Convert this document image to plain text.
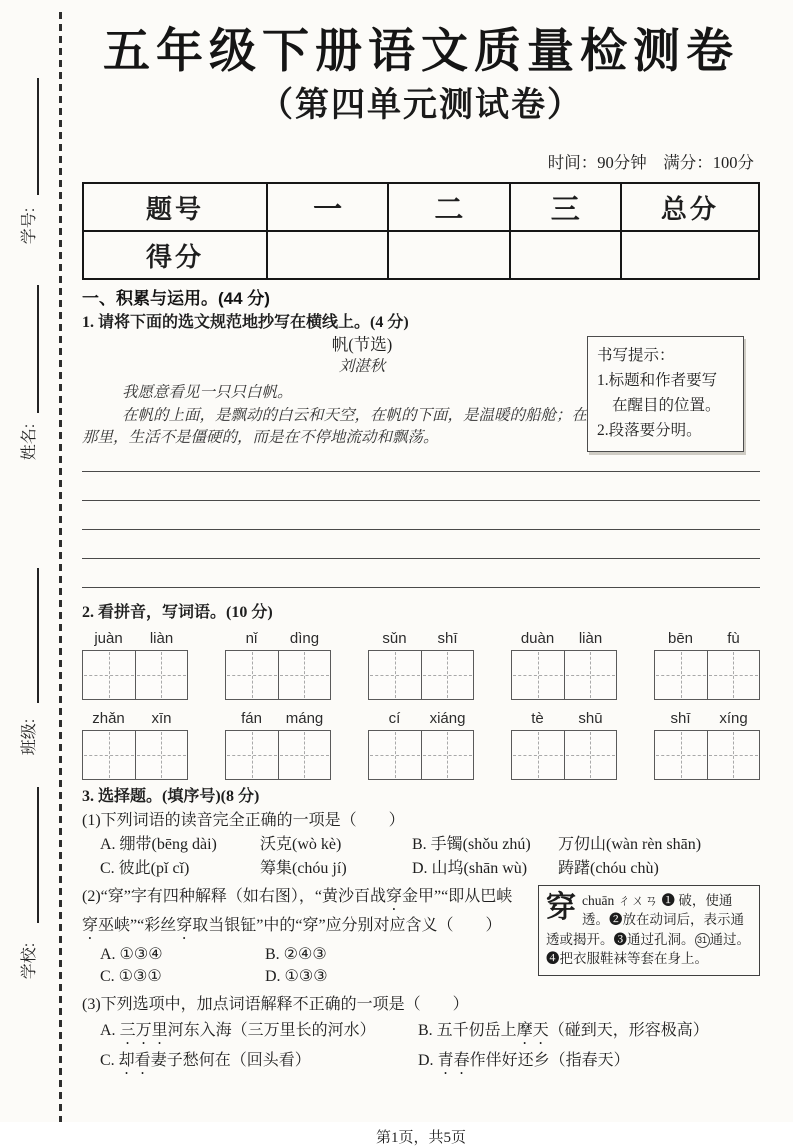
学号:
姓名:
班级:
学校:
五年级下册语文质量检测卷
（第四单元测试卷）
时间：90分钟　满分：100分
题号	一	二	三	总分
得分
一、积累与运用。(44 分)

1. 请将下面的选文规范地抄写在横线上。(4 分)

帆(节选)

刘湛秋

我愿意看见一只只白帆。

在帆的上面，是飘动的白云和天空，在帆的下面，是温暖的船舱；在

那里，生活不是僵硬的，而是在不停地流动和飘荡。

2. 看拼音，写词语。(10 分)

juàn	liàn	nǐ	dìng	sǔn	shī	duàn	liàn	bēn	fù
zhǎn	xīn	fán	máng	cí	xiáng	tè	shū	shī	xíng

3. 选择题。(填序号)(8 分)

(1)下列词语的读音完全正确的一项是（　　）

A. 绷带(bēng dài)	沃克(wò kè)	B. 手镯(shǒu zhú)	万仞山(wàn rèn shān)
C. 彼此(pǐ cǐ)	筹集(chóu jí)	D. 山坞(shān wù)	踌躇(chóu chù)

(2)“穿”字有四种解释（如右图），“黄沙百战穿金甲”“即从巴峡

穿巫峡”“彩丝穿取当银钲”中的“穿”应分别对应含义（　　）

A. ①③④	B. ②④③
C. ①③①	D. ①③③
穿chuān ㄔㄨㄢ ❶ 破，使通透。❷放在动词后，表示通透或揭开。❸通过孔洞。 31 通过。❹把衣服鞋袜等套在身上。

(3)下列选项中，加点词语解释不正确的一项是（　　）

A. 三万里河东入海（三万里长的河水）	B. 五千仞岳上摩天（碰到天，形容极高）
C. 却看妻子愁何在（回头看）	D. 青春作伴好还乡（指春天）
第1页，共5页
书写提示：
1.标题和作者要写
在醒目的位置。
2.段落要分明。
